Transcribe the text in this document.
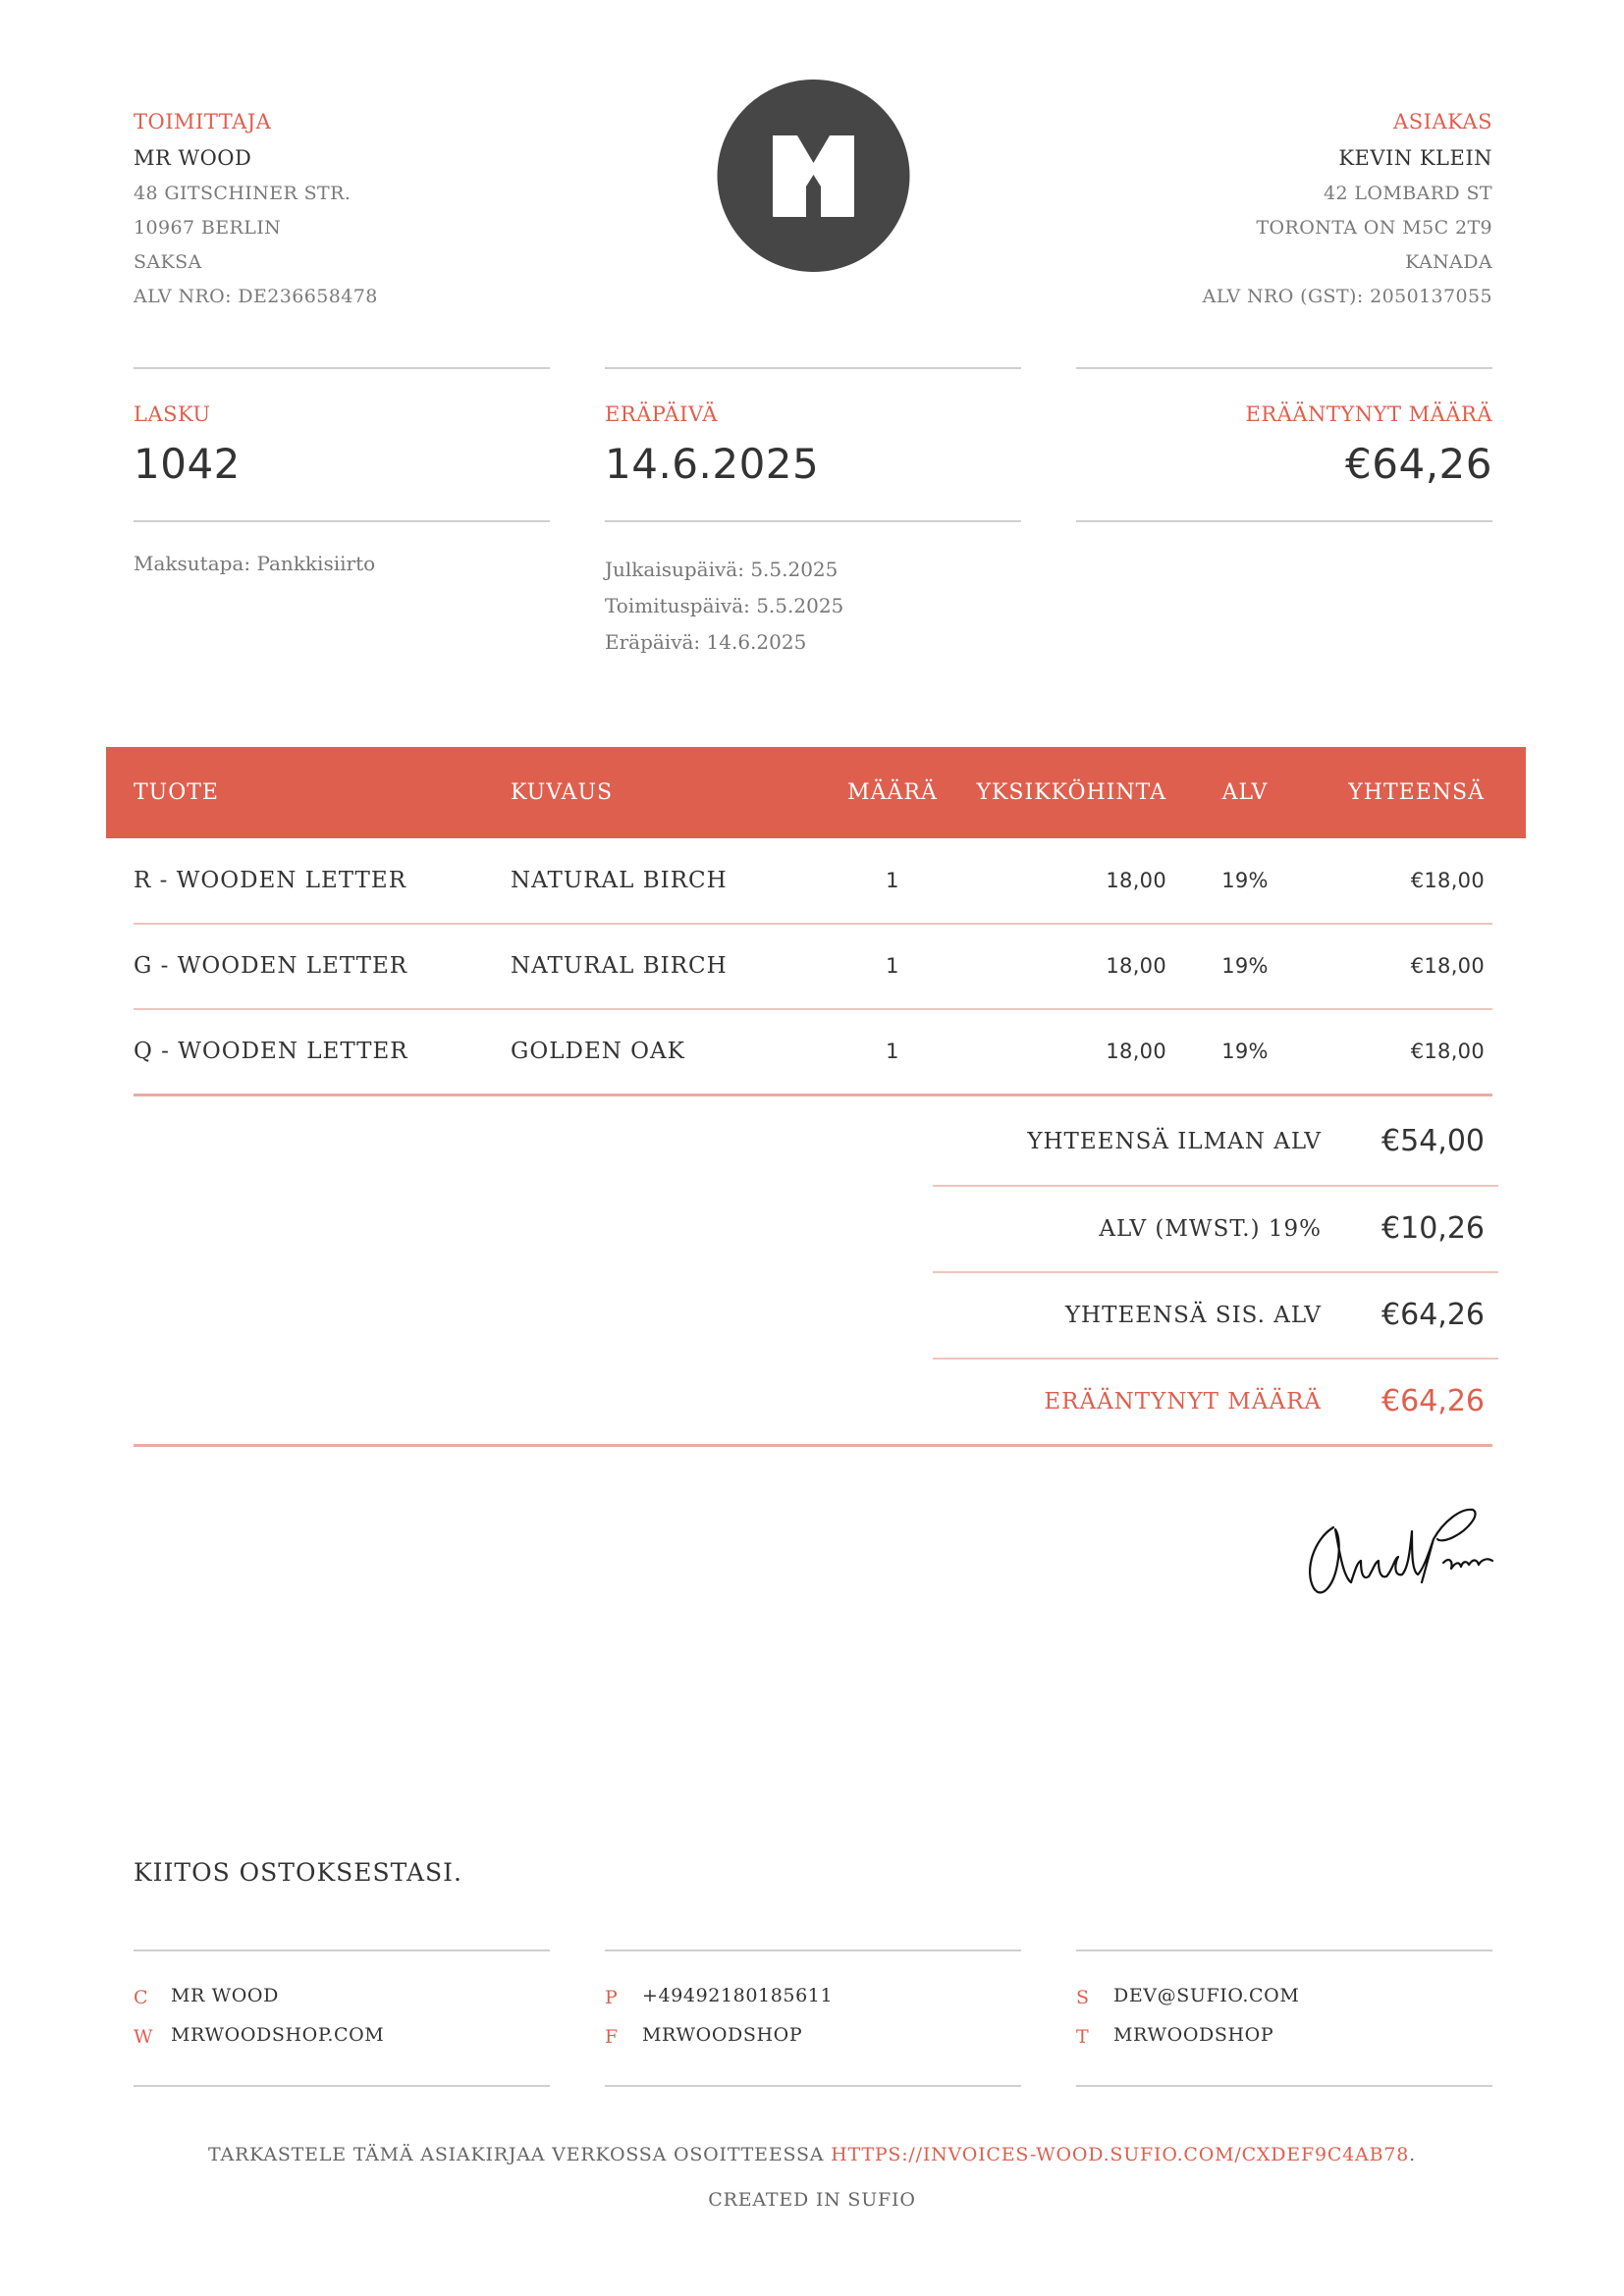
TOIMITTAJA
MR WOOD
48 GITSCHINER STR.
10967 BERLIN
SAKSA
ALV NRO: DE236658478
ASIAKAS
KEVIN KLEIN
42 LOMBARD ST
TORONTA ON M5C 2T9
KANADA
ALV NRO (GST): 2050137055
LASKU
1042
ERÄPÄIVÄ
14.6.2025
ERÄÄNTYNYT MÄÄRÄ
€64,26
Maksutapa: Pankkisiirto	Julkaisupäivä: 5.5.2025
Toimituspäivä: 5.5.2025
Eräpäivä: 14.6.2025
TUOTE	KUVAUS	MÄÄRÄ	YKSIKKÖHINTA	ALV	YHTEENSÄ
R - WOODEN LETTER	NATURAL BIRCH	1	18,00	19%	€18,00
G - WOODEN LETTER	NATURAL BIRCH	1	18,00	19%	€18,00
Q - WOODEN LETTER	GOLDEN OAK	1	18,00	19%	€18,00
YHTEENSÄ ILMAN ALV €54,00
ALV (MWST.) 19% €10,26
YHTEENSÄ SIS. ALV €64,26
ERÄÄNTYNYT MÄÄRÄ €64,26
KIITOS OSTOKSESTASI.
C	MR WOOD
W MRWOODSHOP.COM
P	+4949218018​5611
F	MRWOODSHOP
S	DEV@SUFIO.COM
T	MRWOODSHOP
TARKASTELE TÄMÄ ASIAKIRJAA VERKOSSA OSOITTEESSA HTTPS://INVOICES-WOOD.SUFIO.COM/CXDEF9C4AB78.
CREATED IN SUFIO
